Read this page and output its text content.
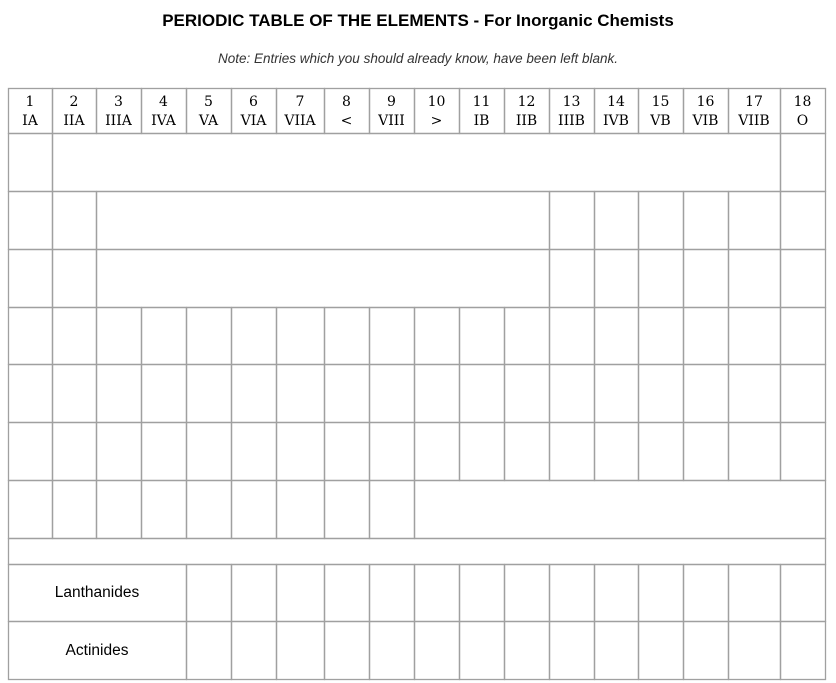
PERIODIC TABLE OF THE ELEMENTS - For Inorganic Chemists
Note: Entries which you should already know, have been left blank.
1
IA
2
IIA
3
IIIA
4
IVA
5
VA
6
VIA
7
VIIA
8
<
9
VIII
10
>
11
IB
12
IIB
13
IIIB
14
IVB
15
VB
16
VIB
17
VIIB
18
O
Lanthanides
Actinides
